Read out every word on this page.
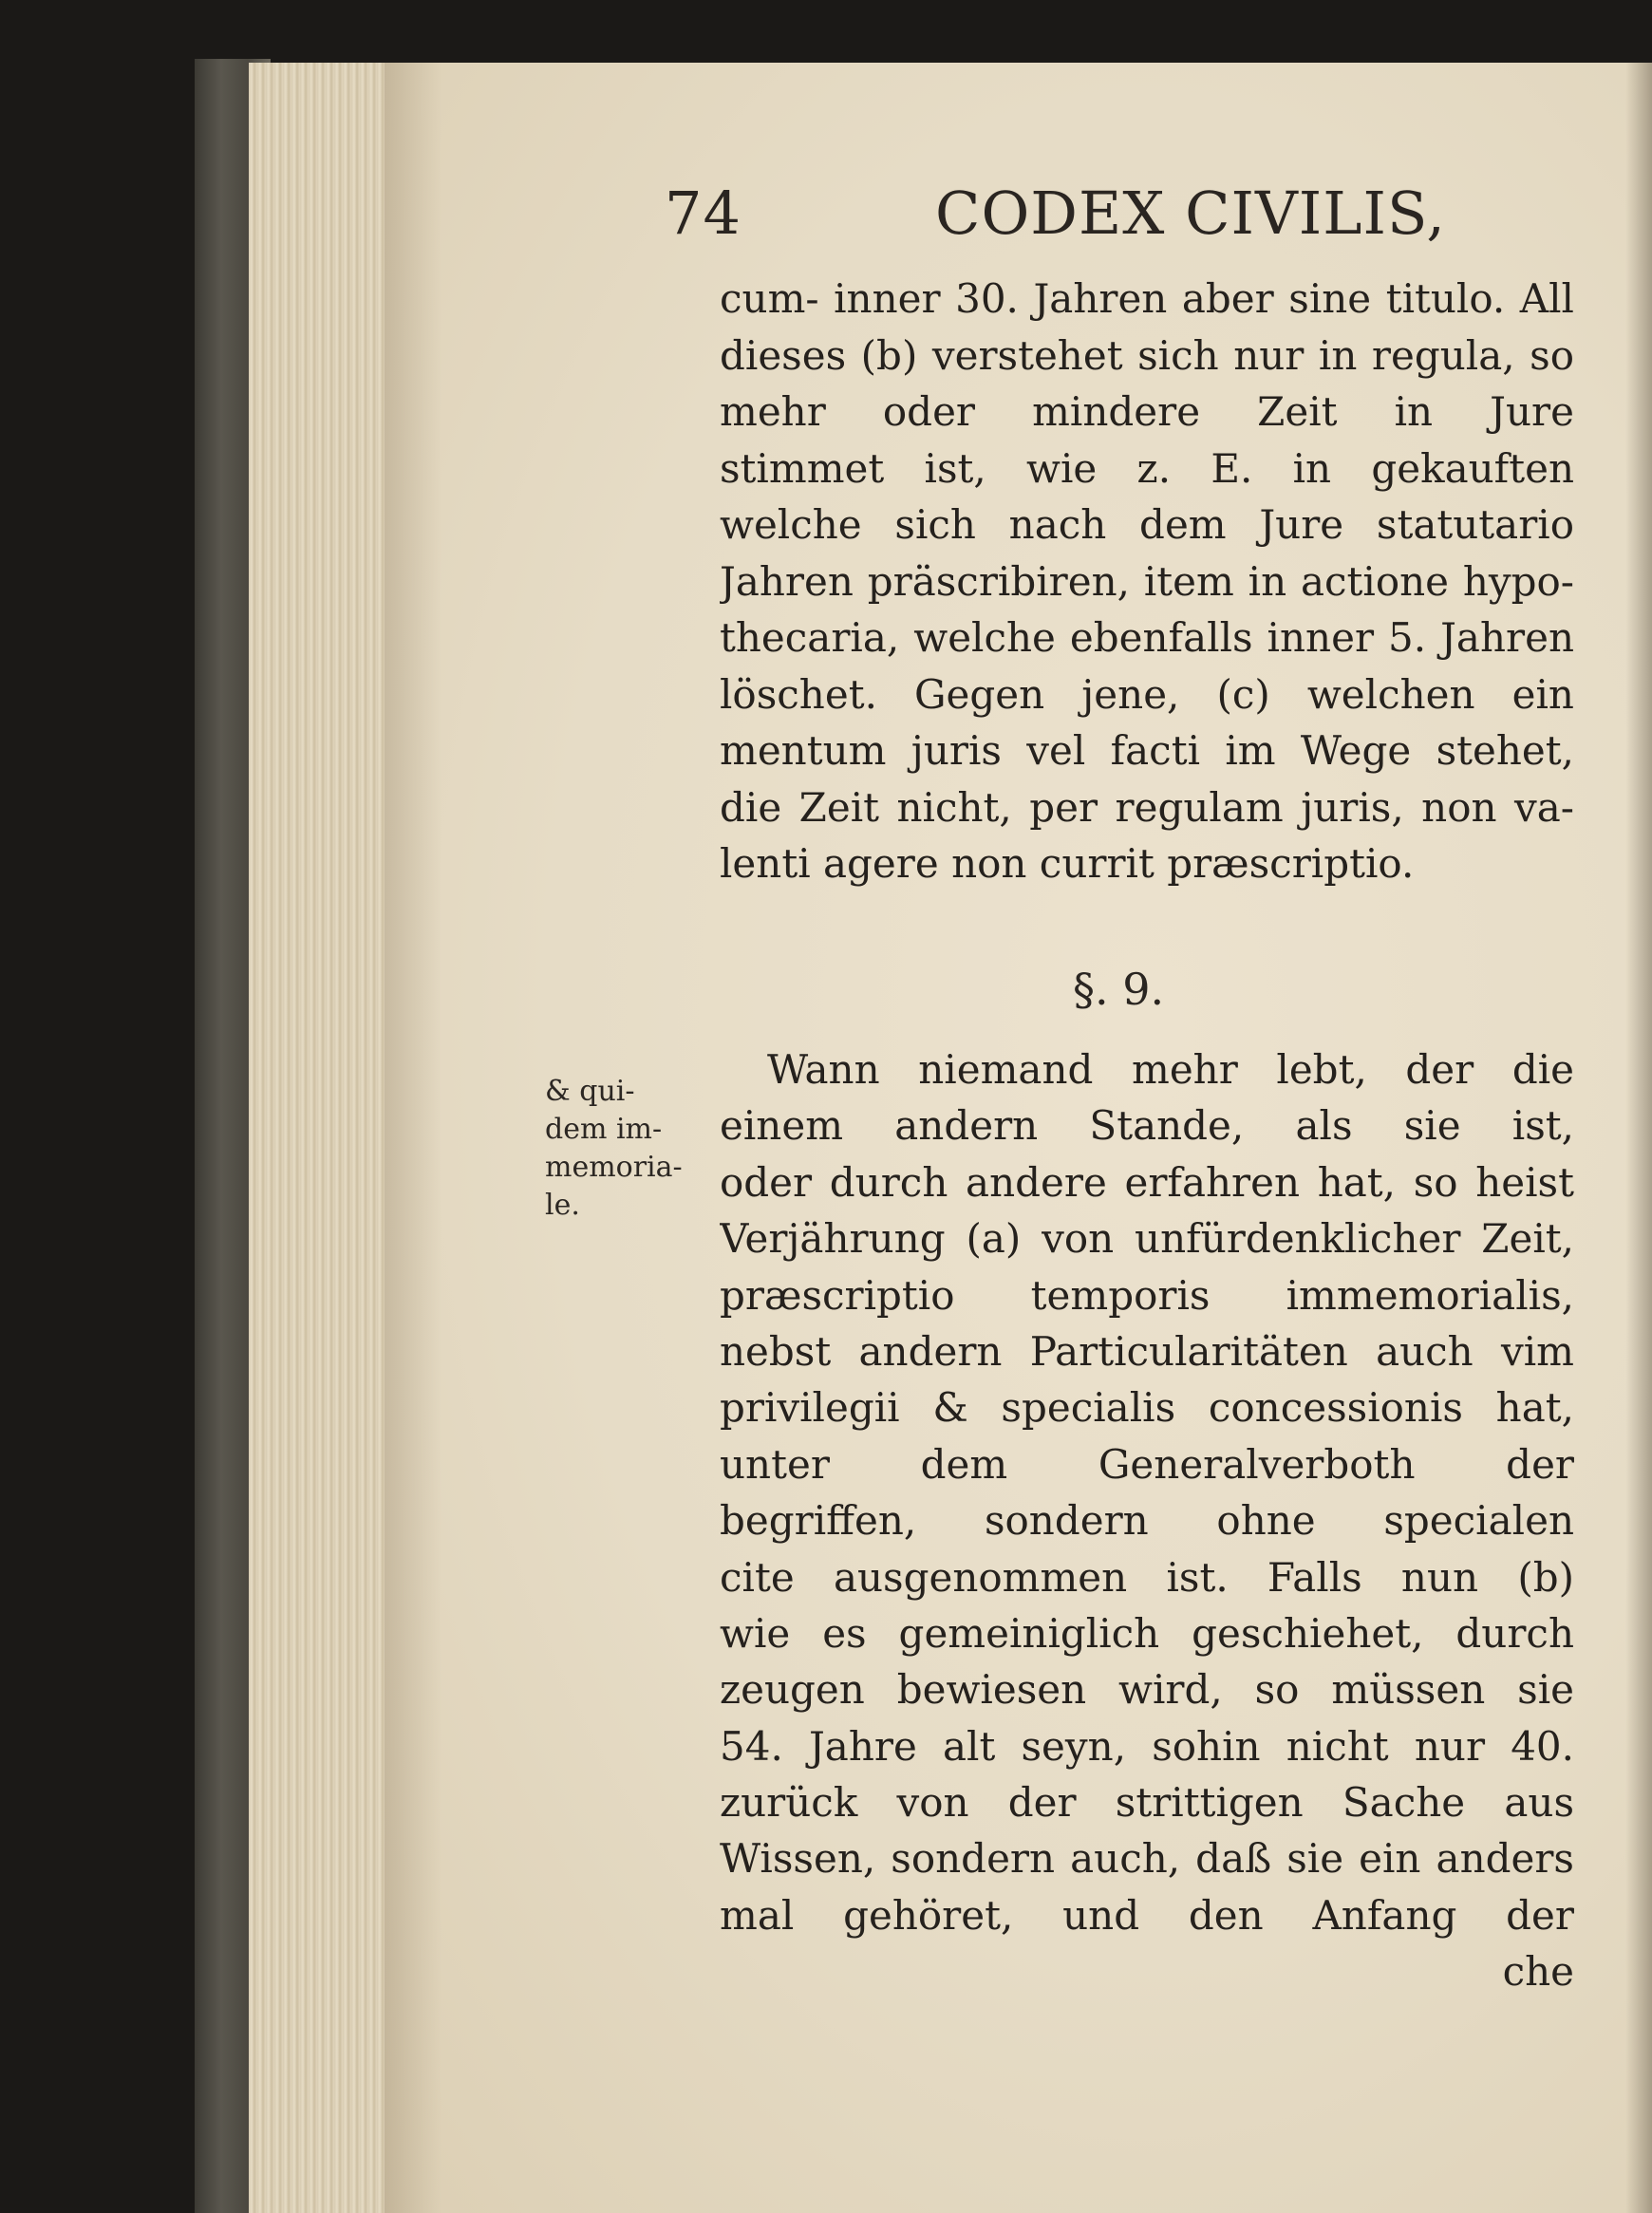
74	CODEX CIVILIS,
cum- inner 30. Jahren aber sine titulo. All
dieses (b) verstehet sich nur in regula, so
mehr oder mindere Zeit in Jure
stimmet ist, wie z. E. in gekauften
welche sich nach dem Jure statutario
Jahren präscribiren, item in actione hypo-
thecaria, welche ebenfalls inner 5. Jahren
löschet. Gegen jene, (c) welchen ein
mentum juris vel facti im Wege stehet,
die Zeit nicht, per regulam juris, non va-
lenti agere non currit præscriptio.
§. 9.
& qui-
dem im-
memoria-
le.
Wann niemand mehr lebt, der die
einem andern Stande, als sie ist,
oder durch andere erfahren hat, so heist
Verjährung (a) von unfürdenklicher Zeit,
præscriptio temporis immemorialis,
nebst andern Particularitäten auch vim
privilegii & specialis concessionis hat,
unter dem Generalverboth der
begriffen, sondern ohne specialen
cite ausgenommen ist. Falls nun (b)
wie es gemeiniglich geschiehet, durch
zeugen bewiesen wird, so müssen sie
54. Jahre alt seyn, sohin nicht nur 40.
zurück von der strittigen Sache aus
Wissen, sondern auch, daß sie ein anders
mal gehöret, und den Anfang der
che
